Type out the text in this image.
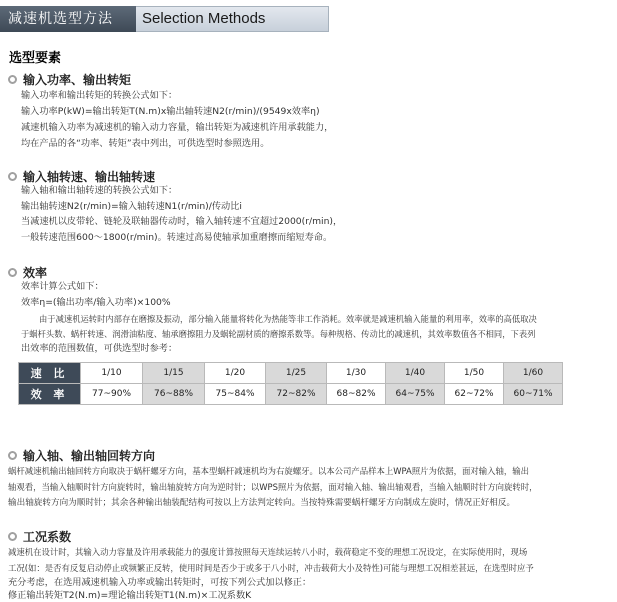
减速机选型方法	Selection Methods
选型要素
输入功率、输出转矩
输入功率和输出转矩的转换公式如下：
输入功率P(kW)=输出转矩T(N.m)x输出轴转速N2(r/min)/(9549x效率η)
减速机输入功率为减速机的输入动力容量，输出转矩为减速机许用承载能力，
均在产品的各“功率、转矩”表中列出，可供选型时参照选用。
输入轴转速、输出轴转速
输入轴和输出轴转速的转换公式如下：
输出轴转速N2(r/min)=输入轴转速N1(r/min)/传动比i
当减速机以皮带轮、链轮及联轴器传动时，输入轴转速不宜超过2000(r/min)，
一般转速范围600～1800(r/min)。转速过高易使轴承加重磨擦而缩短寿命。
效率
效率计算公式如下：
效率η=(输出功率/输入功率)×100%
由于减速机运转时内部存在磨擦及振动，部分输入能量将转化为热能等非工作消耗。效率就是减速机输入能量的利用率，效率的高低取决
于蜗杆头数、蜗杆转速、润滑油粘度、轴承磨擦阻力及蜗轮副材质的磨擦系数等。每种规格、传动比的减速机，其效率数值各不相同，下表列
出效率的范围数值，可供选型时参考：
速 比	1/10	1/15	1/20	1/25	1/30	1/40	1/50	1/60
效 率	77~90%	76~88%	75~84%	72~82%	68~82%	64~75%	62~72%	60~71%
输入轴、输出轴回转方向
蜗杆减速机输出轴回转方向取决于蜗杆螺牙方向，基本型蜗杆减速机均为右旋螺牙。以本公司产品样本上WPA照片为依据，面对输入轴，输出
轴观看，当输入轴顺时针方向旋转时，输出轴旋转方向为逆时针；以WPS照片为依据，面对输入轴、输出轴观看，当输入轴顺时针方向旋转时，
输出轴旋转方向为顺时针；其余各种输出轴装配结构可按以上方法判定转向。当按特殊需要蜗杆螺牙方向制成左旋时，情况正好相反。
工况系数
减速机在设计时，其输入动力容量及许用承载能力的强度计算按照每天连续运转八小时，载荷稳定不变的理想工况设定，在实际使用时，现场
工况(如：是否有反复启动停止或频繁正反转，使用时间是否少于或多于八小时，冲击载荷大小及特性)可能与理想工况相差甚远，在选型时应予
充分考虑，在选用减速机输入功率或输出转矩时，可按下列公式加以修正：
修正输出转矩T2(N.m)=理论输出转矩T1(N.m)×工况系数K
